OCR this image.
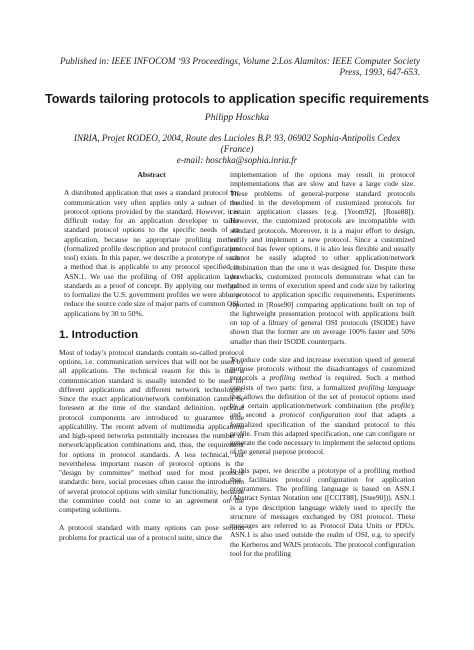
Published in: IEEE INFOCOM ‘93 Proceedings, Volume 2.Los Alamitos: IEEE Computer Society
Press, 1993, 647-653.
Towards tailoring protocols to application specific requirements
Philipp Hoschka
INRIA, Projet RODEO, 2004, Route des Lucioles B.P. 93, 06902 Sophia-Antipolis Cedex
(France)
e-mail: hoschka@sophia.inria.fr
Abstract

A distributed application that uses a standard protocol for communication very often applies only a subset of the protocol options provided by the standard. However, it is difficult today for an application developer to tailor standard protocol options to the specific needs of an application, because no appropriate profiling method (formalized profile description and protocol configuration tool) exists. In this paper, we describe a prototype of such a method that is applicable to any protocol specified in ASN.1. We use the profiling of OSI application layer standards as a proof of concept. By applying our method to formalize the U.S. government profiles we were able to reduce the source code size of major parts of common OSI applications by 30 to 50%.

1. Introduction

Most of today’s protocol standards contain so-called protocol options, i.e. communication services that will not be used by all applications. The technical reason for this is that a communication standard is usually intended to be used for different applications and different network technologies. Since the exact application/network combination cannot be foreseen at the time of the standard definition, optional protocol components are introduced to guarantee wide applicability. The recent advent of multimedia applications and high-speed networks potentially increases the number of network/application combinations and, thus, the requirement for options in protocol standards. A less technical, but nevertheless important reason of protocol options is the "design by committee" method used for most protocol standards: here, social processes often cause the introduction of several protocol options with similar functionality, because the committee could not come to an agreement on the competing solutions.

A protocol standard with many options can pose serious problems for practical use of a protocol suite, since the

implementation of the options may result in protocol implementations that are slow and have a large code size. These problems of general-purpose standard protocols resulted in the development of customized protocols for certain application classes (e.g. [Yeom92], [Rose88]). However, the customized protocols are incompatible with standard protocols. Moreover, it is a major effort to design, verify and implement a new protocol. Since a customized protocol has fewer options, it is also less flexible and usually cannot be easily adapted to other application/network combination than the one it was designed for. Despite these drawbacks, customized protocols demonstrate what can be gained in terms of execution speed and code size by tailoring a protocol to application specific requirements. Experiments reported in [Rose90] comparing applications built on top of the lightweight presentation protocol with applications built on top of a library of general OSI protocols (ISODE) have shown that the former are on average 100% faster and 50% smaller than their ISODE counterparts.

To reduce code size and increase execution speed of general purpose protocols without the disadvantages of customized protocols a profiling method is required. Such a method consists of two parts: first, a formalized profiling language that allows the definition of the set of protocol options used by a certain application/network combination (the profile); and second a protocol configuration tool that adapts a formalized specification of the standard protocol to this profile. From this adapted specification, one can configure or generate the code necessary to implement the selected options of the general purpose protocol.

In this paper, we describe a prototype of a profiling method that facilitates protocol configuration for application programmers. The profiling language is based on ASN.1 (Abstract Syntax Notation one ([CCIT88], [Stee90])). ASN.1 is a type description language widely used to specify the structure of messages exchanged by OSI protocol. These messages are referred to as Protocol Data Units or PDUs. ASN.1 is also used outside the realm of OSI, e.g. to specify the Kerberos and WAIS protocols. The protocol configuration tool for the profiling
